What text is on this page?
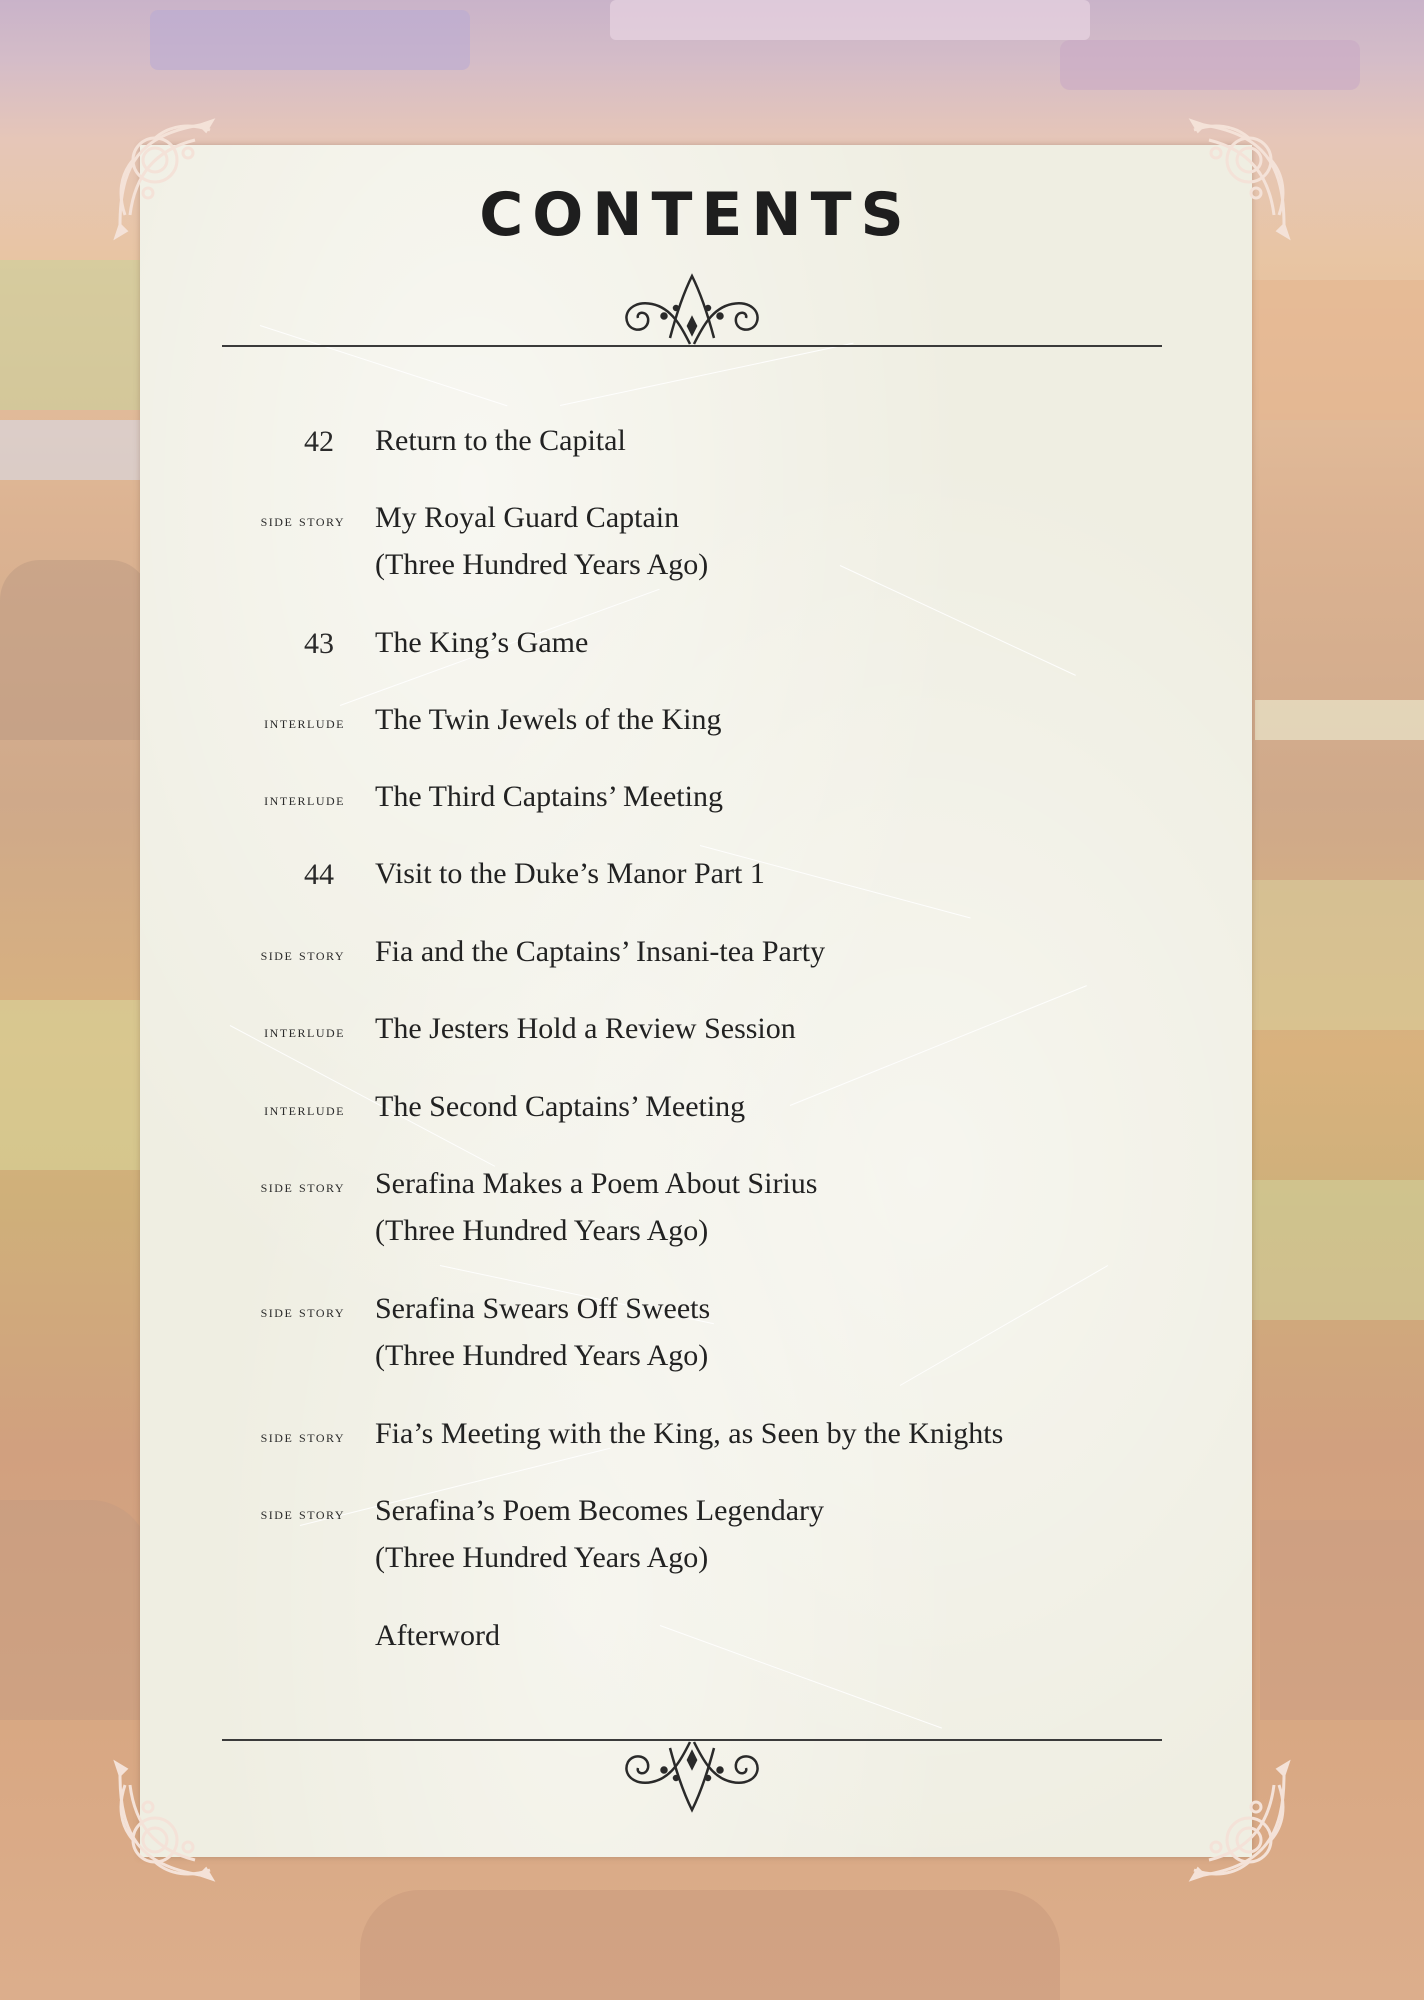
CONTENTS
42 Return to the Capital
side story My Royal Guard Captain
(Three Hundred Years Ago)
43 The King’s Game
interlude The Twin Jewels of the King
interlude The Third Captains’ Meeting
44 Visit to the Duke’s Manor Part 1
side story Fia and the Captains’ Insani-tea Party
interlude The Jesters Hold a Review Session
interlude The Second Captains’ Meeting
side story Serafina Makes a Poem About Sirius
(Three Hundred Years Ago)
side story Serafina Swears Off Sweets
(Three Hundred Years Ago)
side story Fia’s Meeting with the King, as Seen by the Knights
side story Serafina’s Poem Becomes Legendary
(Three Hundred Years Ago)
Afterword
